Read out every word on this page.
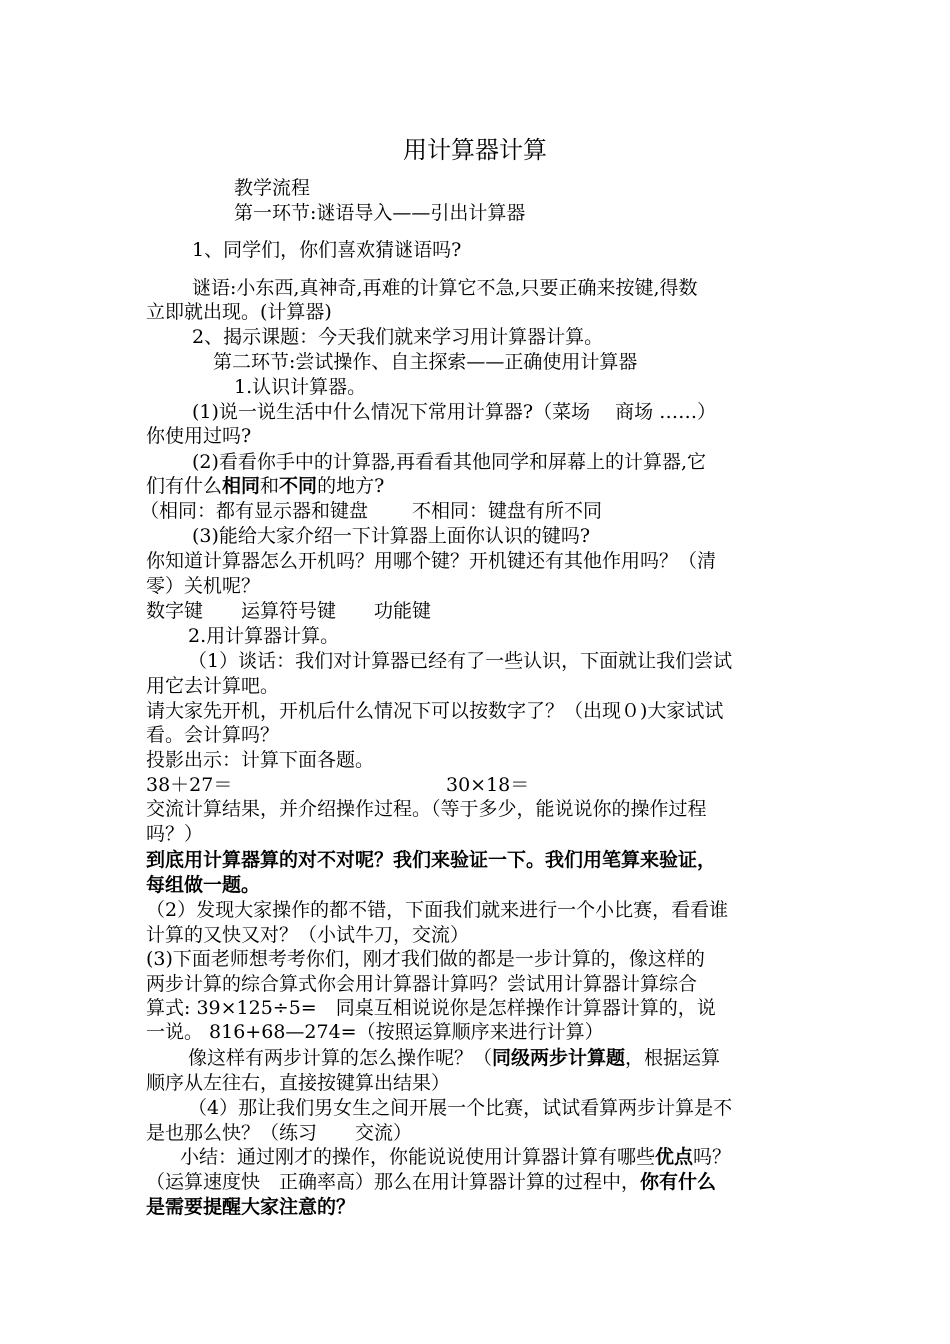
用计算器计算
教学流程
第一环节:谜语导入——引出计算器
1、同学们，你们喜欢猜谜语吗?
谜语:小东西,真神奇,再难的计算它不急,只要正确来按键,得数
立即就出现。(计算器)
2、揭示课题：今天我们就来学习用计算器计算。
第二环节:尝试操作、自主探索——正确使用计算器
1.认识计算器。
(1)说一说生活中什么情况下常用计算器?（菜场　 商场 ……）
你使用过吗?
(2)看看你手中的计算器,再看看其他同学和屏幕上的计算器,它
们有什么相同和不同的地方?
（相同：都有显示器和键盘　　 不相同：键盘有所不同
(3)能给大家介绍一下计算器上面你认识的键吗?
你知道计算器怎么开机吗？用哪个键？开机键还有其他作用吗？（清
零）关机呢？
数字键　　运算符号键　　功能键
2.用计算器计算。
（1）谈话：我们对计算器已经有了一些认识，下面就让我们尝试
用它去计算吧。
请大家先开机，开机后什么情况下可以按数字了？（出现０)大家试试
看。会计算吗？
投影出示：计算下面各题。
38＋27＝	30×18＝
交流计算结果，并介绍操作过程。（等于多少，能说说你的操作过程
吗？）
到底用计算器算的对不对呢？我们来验证一下。我们用笔算来验证，
每组做一题。
（2）发现大家操作的都不错，下面我们就来进行一个小比赛，看看谁
计算的又快又对？（小试牛刀，交流）
(3)下面老师想考考你们，刚才我们做的都是一步计算的，像这样的
两步计算的综合算式你会用计算器计算吗？尝试用计算器计算综合
算式: 39×125÷5=　同桌互相说说你是怎样操作计算器计算的，说
一说。 816+68—274=（按照运算顺序来进行计算）
像这样有两步计算的怎么操作呢？（同级两步计算题，根据运算
顺序从左往右，直接按键算出结果）
（4）那让我们男女生之间开展一个比赛，试试看算两步计算是不
是也那么快？（练习　　交流）
小结：通过刚才的操作，你能说说使用计算器计算有哪些优点吗？
（运算速度快　正确率高）那么在用计算器计算的过程中，你有什么
是需要提醒大家注意的？
